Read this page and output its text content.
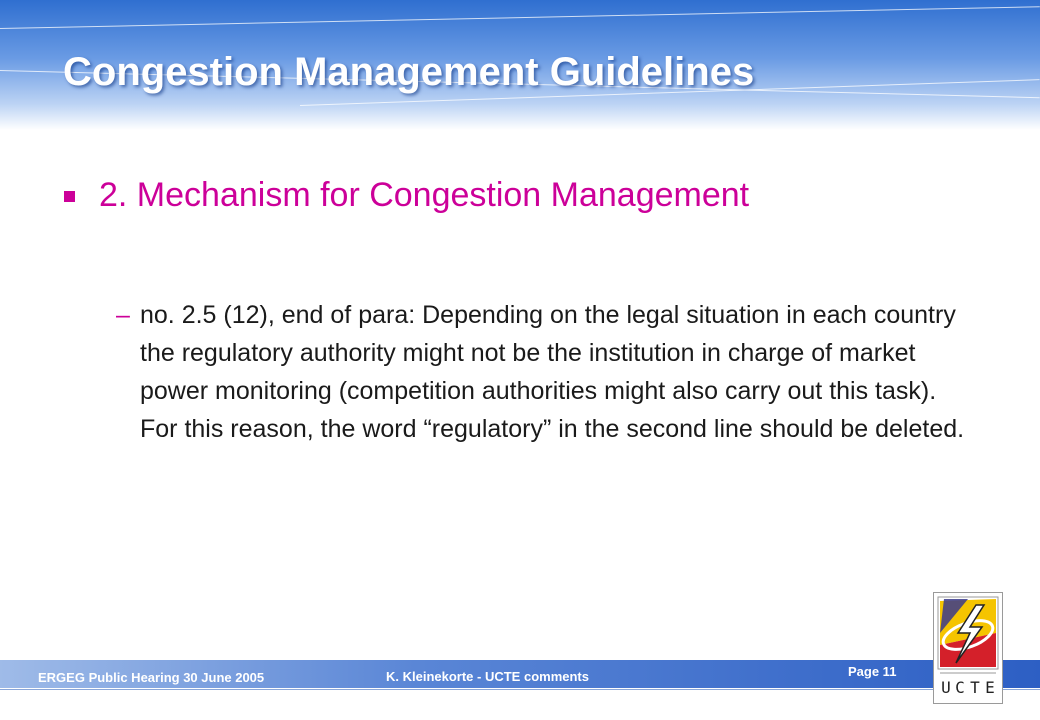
Congestion Management Guidelines
2. Mechanism for Congestion Management
– no. 2.5 (12), end of para: Depending on the legal situation in each country the regulatory authority might not be the institution in charge of market power monitoring (competition authorities might also carry out this task). For this reason, the word “regulatory” in the second line should be deleted.
ERGEG Public Hearing 30 June 2005	K. Kleinekorte - UCTE comments	Page 11
U C T E
